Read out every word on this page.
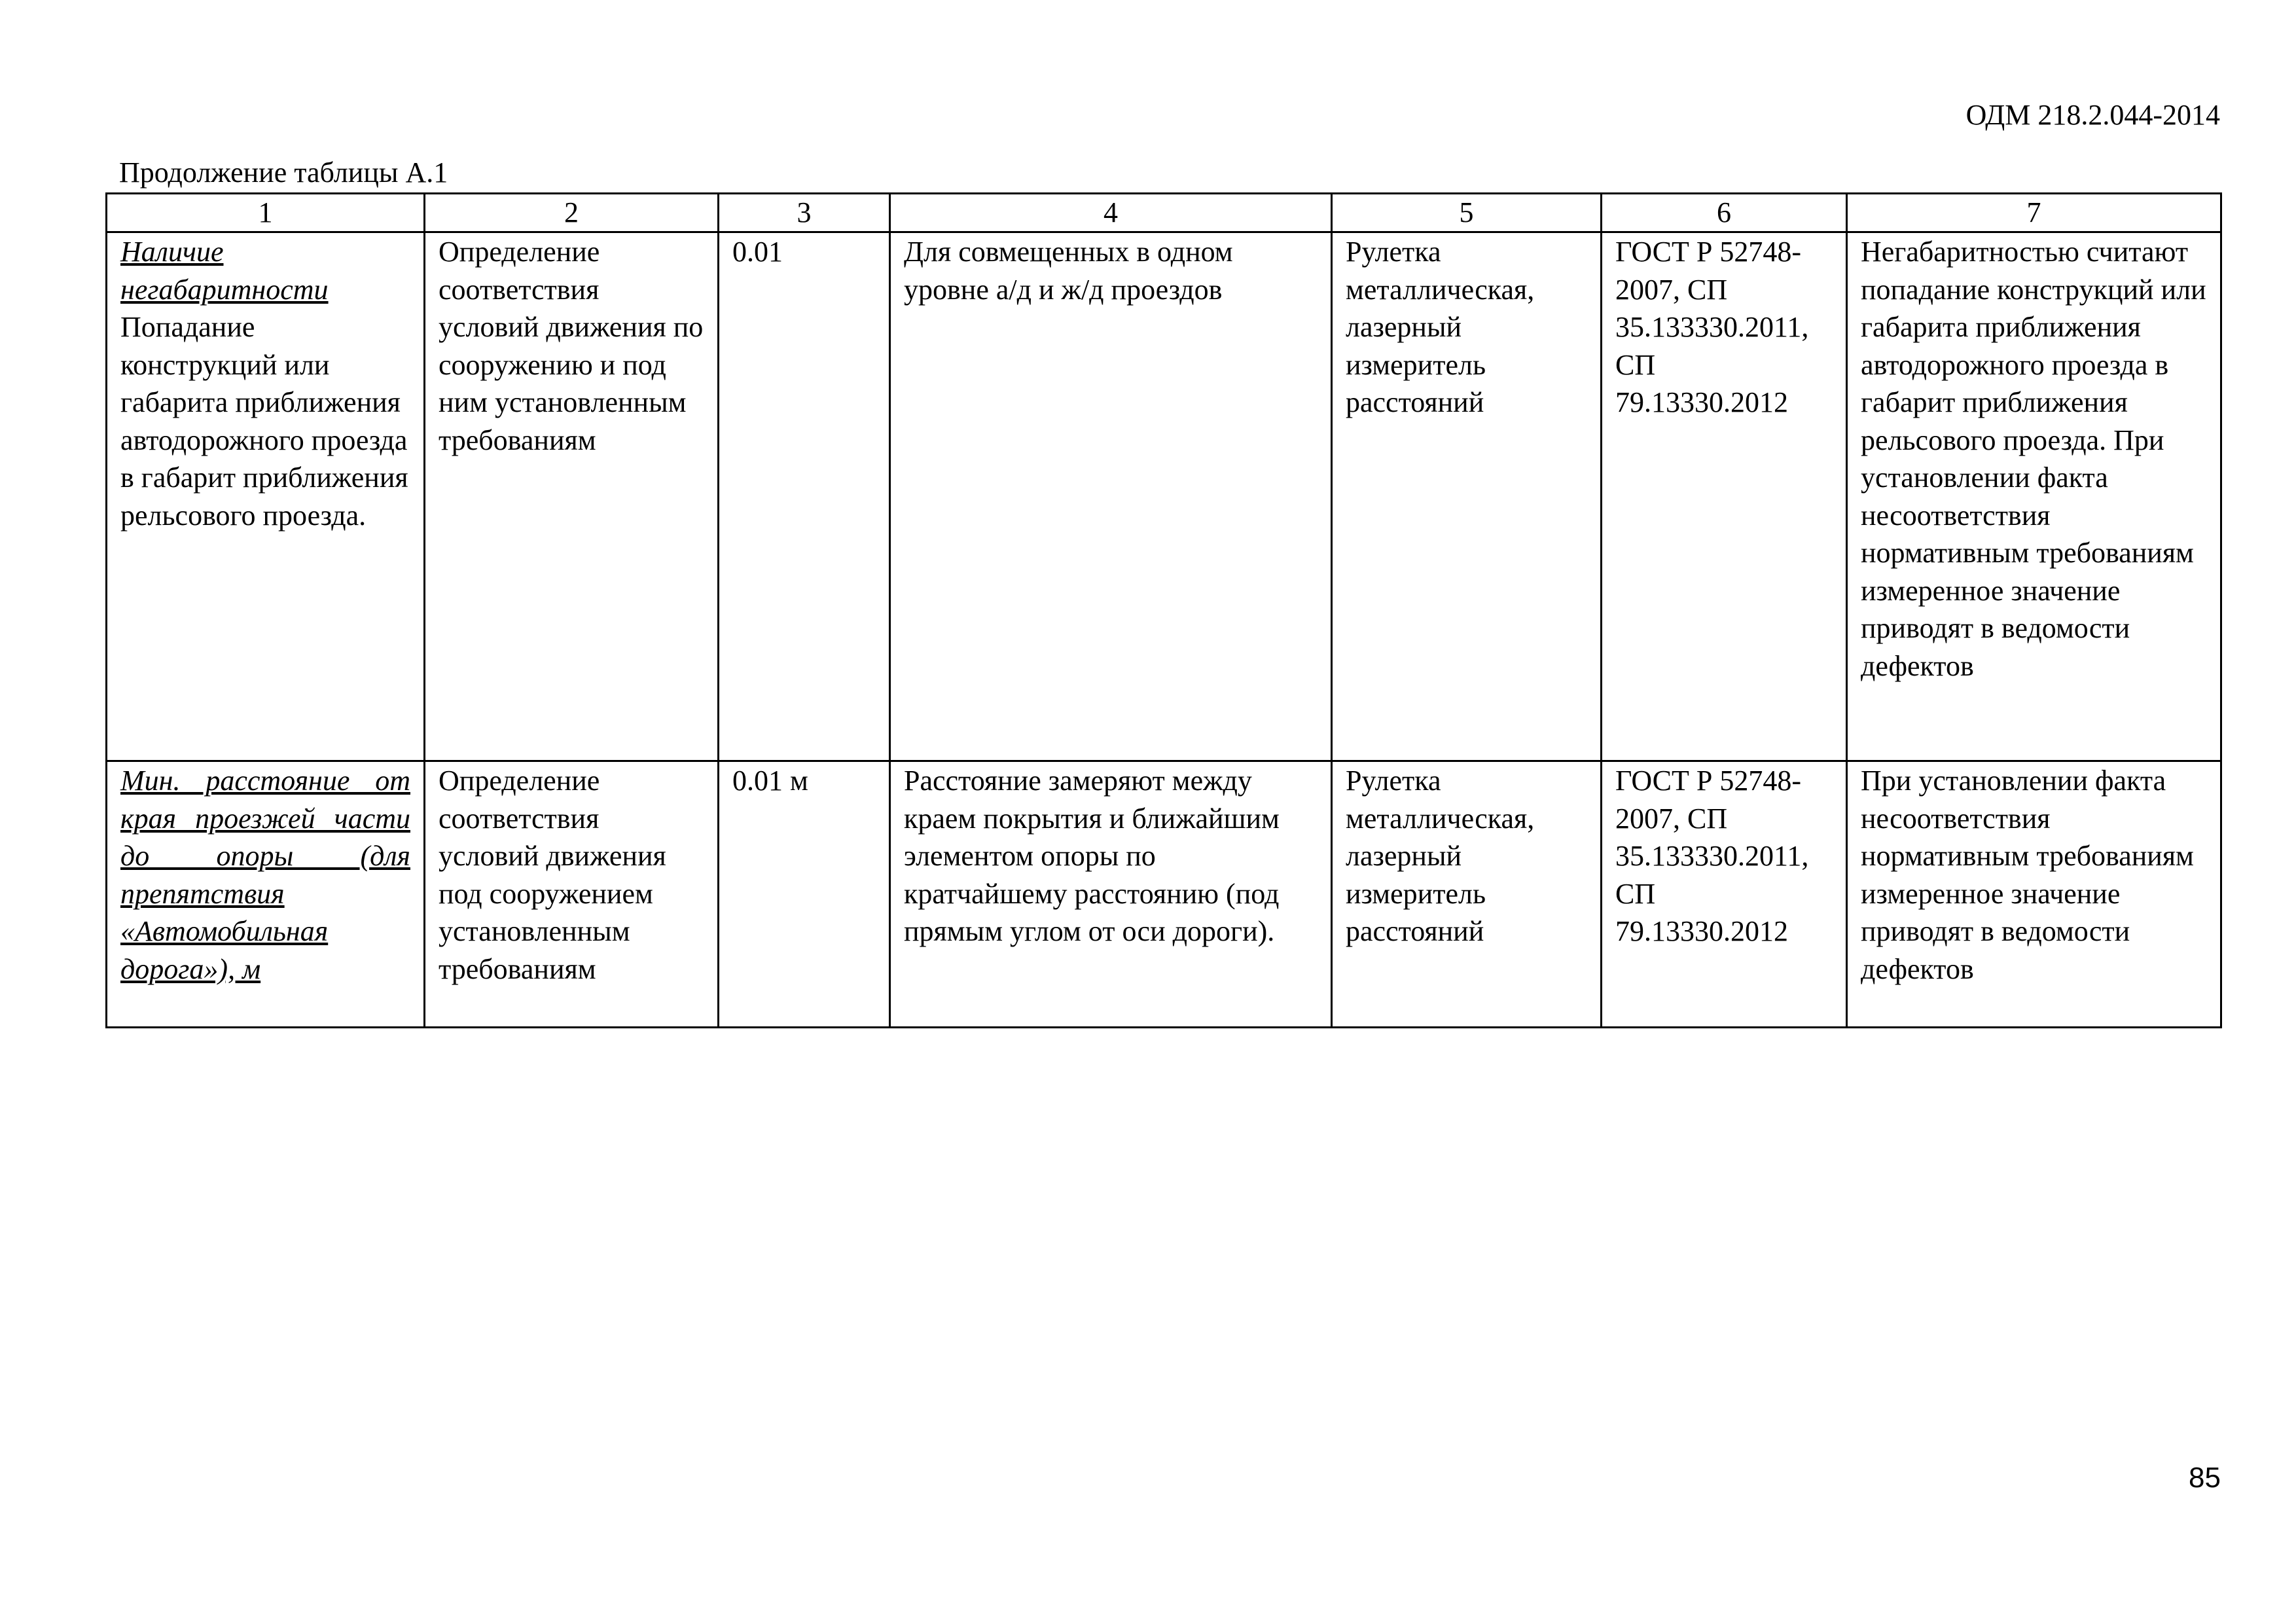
ОДМ 218.2.044-2014
Продолжение таблицы А.1
1	2	3	4	5	6	7
Наличие негабаритности
Попадание конструкций или габарита приближения автодорожного проезда в габарит приближения рельсового проезда.	Определение соответствия условий движения по сооружению и под ним установленным требованиям	0.01	Для совмещенных в одном уровне а/д и ж/д проездов	Рулетка металлическая, лазерный измеритель расстояний	ГОСТ Р 52748-2007, СП 35.133330.2011, СП 79.13330.2012	Негабаритностью считают попадание конструкций или габарита приближения автодорожного проезда в габарит приближения рельсового проезда. При установлении факта несоответствия нормативным требованиям измеренное значение приводят в ведомости дефектов
Мин. расстояние от края проезжей части до опоры (для препятствия «Автомобильная дорога»), м	Определение соответствия условий движения под сооружением установленным требованиям	0.01 м	Расстояние замеряют между краем покрытия и ближайшим элементом опоры по кратчайшему расстоянию (под прямым углом от оси дороги).	Рулетка металлическая, лазерный измеритель расстояний	ГОСТ Р 52748-2007, СП 35.133330.2011, СП 79.13330.2012	При установлении факта несоответствия нормативным требованиям измеренное значение приводят в ведомости дефектов
85
